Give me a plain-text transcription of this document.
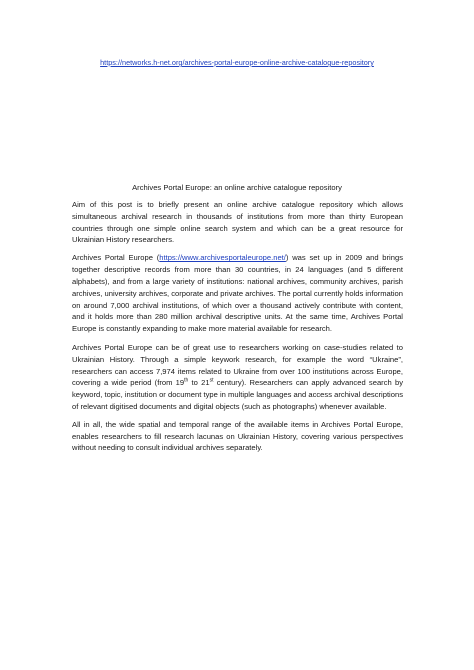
https://networks.h-net.org/archives-portal-europe-online-archive-catalogue-repository
Archives Portal Europe: an online archive catalogue repository

Aim of this post is to briefly present an online archive catalogue repository which allows simultaneous archival research in thousands of institutions from more than thirty European countries through one simple online search system and which can be a great resource for Ukrainian History researchers.

Archives Portal Europe (https://www.archivesportaleurope.net/) was set up in 2009 and brings together descriptive records from more than 30 countries, in 24 languages (and 5 different alphabets), and from a large variety of institutions: national archives, community archives, parish archives, university archives, corporate and private archives. The portal currently holds information on around 7,000 archival institutions, of which over a thousand actively contribute with content, and it holds more than 280 million archival descriptive units. At the same time, Archives Portal Europe is constantly expanding to make more material available for research.

Archives Portal Europe can be of great use to researchers working on case-studies related to Ukrainian History. Through a simple keywork research, for example the word “Ukraine”, researchers can access 7,974 items related to Ukraine from over 100 institutions across Europe, covering a wide period (from 19th to 21st century). Researchers can apply advanced search by keyword, topic, institution or document type in multiple languages and access archival descriptions of relevant digitised documents and digital objects (such as photographs) whenever available.

All in all, the wide spatial and temporal range of the available items in Archives Portal Europe, enables researchers to fill research lacunas on Ukrainian History, covering various perspectives without needing to consult individual archives separately.
